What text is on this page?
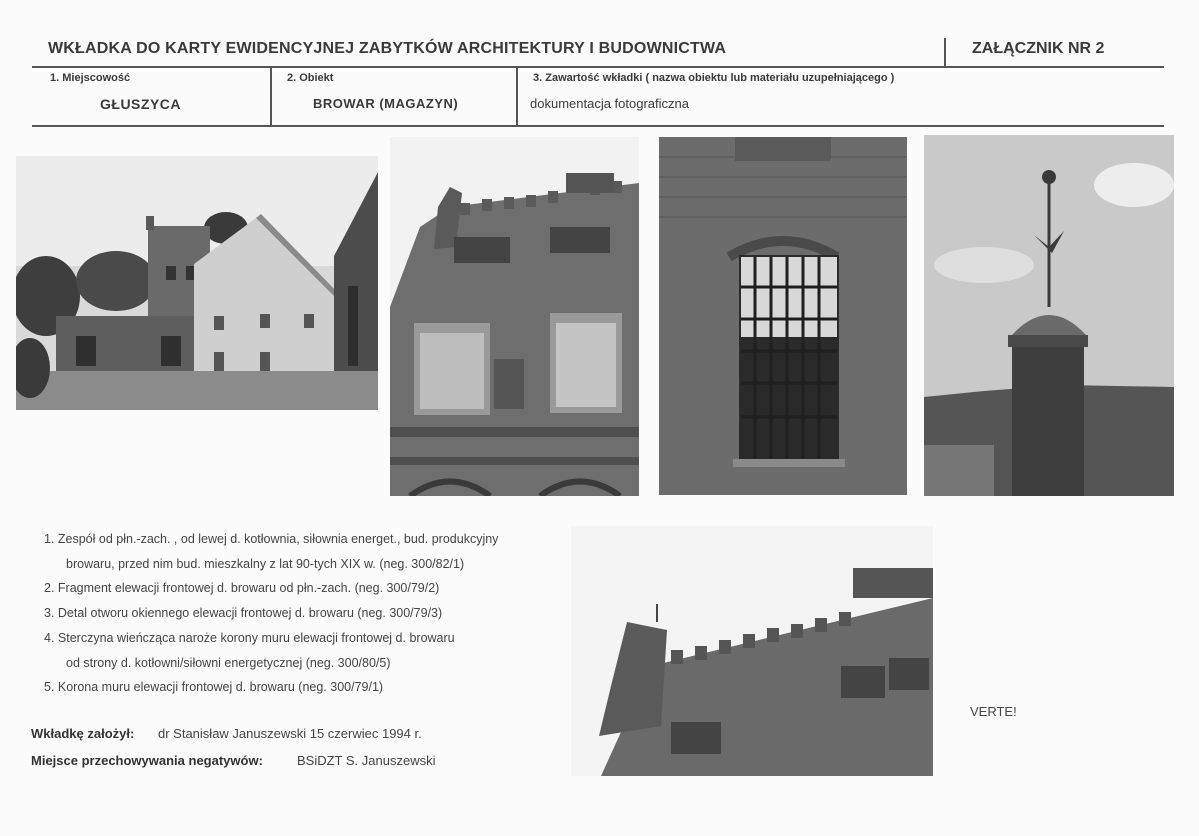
WKŁADKA DO KARTY EWIDENCYJNEJ ZABYTKÓW ARCHITEKTURY I BUDOWNICTWA	ZAŁĄCZNIK NR 2
1. Miejscowość
GŁUSZYCA
2. Obiekt
BROWAR (MAGAZYN)
3. Zawartość wkładki ( nazwa obiektu lub materiału uzupełniającego )
dokumentacja fotograficzna
1. Zespół od płn.-zach. , od lewej d. kotłownia, siłownia energet., bud. produkcyjny
browaru, przed nim bud. mieszkalny z lat 90-tych XIX w. (neg. 300/82/1)
2. Fragment elewacji frontowej d. browaru od płn.-zach. (neg. 300/79/2)
3. Detal otworu okiennego elewacji frontowej d. browaru (neg. 300/79/3)
4. Sterczyna wieńcząca naroże korony muru elewacji frontowej d. browaru
od strony d. kotłowni/siłowni energetycznej (neg. 300/80/5)
5. Korona muru elewacji frontowej d. browaru (neg. 300/79/1)
Wkładkę założył: dr Stanisław Januszewski 15 czerwiec 1994 r.
Miejsce przechowywania negatywów:	BSiDZT S. Januszewski
VERTE!
